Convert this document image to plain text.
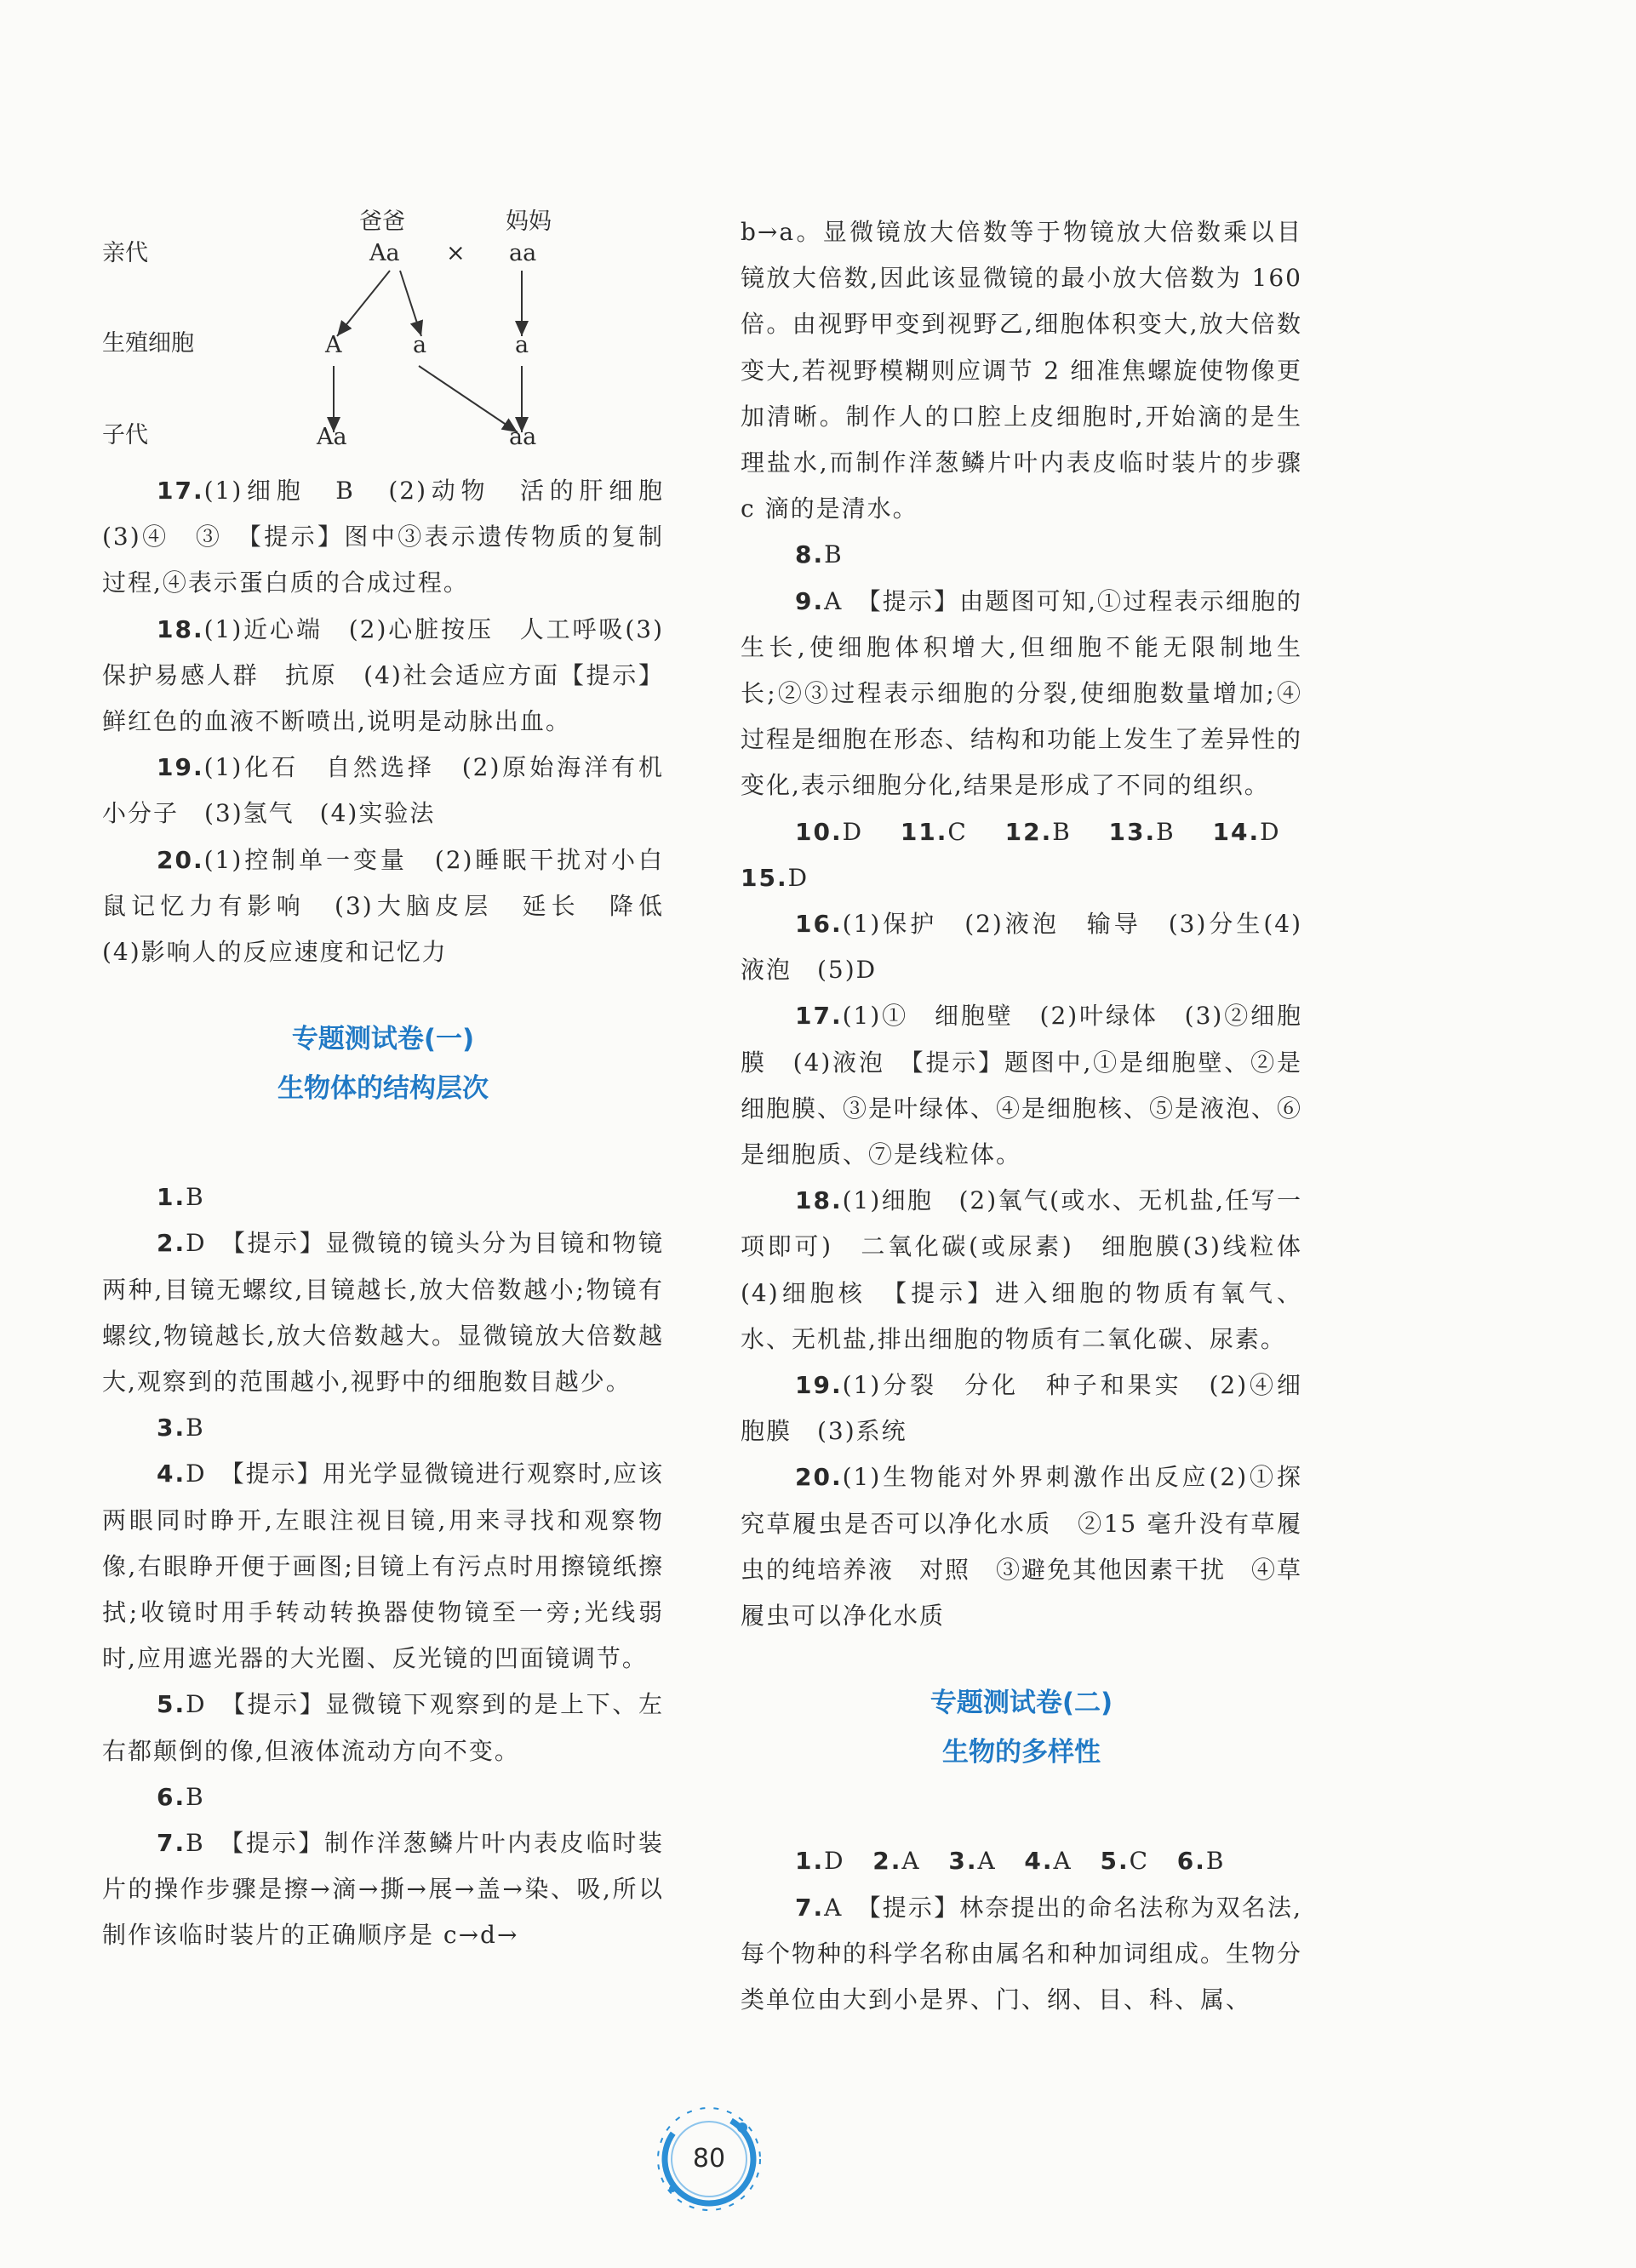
亲代
生殖细胞
子代
爸爸	妈妈
Aa × aa
A	a	a
Aa	aa

17.(1)细胞　B　(2)动物　活的肝细胞(3)④　③　【提示】图中③表示遗传物质的复制过程,④表示蛋白质的合成过程。

18.(1)近心端　(2)心脏按压　人工呼吸(3)保护易感人群　抗原　(4)社会适应方面【提示】鲜红色的血液不断喷出,说明是动脉出血。

19.(1)化石　自然选择　(2)原始海洋有机小分子　(3)氢气　(4)实验法

20.(1)控制单一变量　(2)睡眠干扰对小白鼠记忆力有影响　(3)大脑皮层　延长　降低　(4)影响人的反应速度和记忆力

专题测试卷(一)

生物体的结构层次

1.B

2.D　【提示】显微镜的镜头分为目镜和物镜两种,目镜无螺纹,目镜越长,放大倍数越小;物镜有螺纹,物镜越长,放大倍数越大。显微镜放大倍数越大,观察到的范围越小,视野中的细胞数目越少。

3.B

4.D　【提示】用光学显微镜进行观察时,应该两眼同时睁开,左眼注视目镜,用来寻找和观察物像,右眼睁开便于画图;目镜上有污点时用擦镜纸擦拭;收镜时用手转动转换器使物镜至一旁;光线弱时,应用遮光器的大光圈、反光镜的凹面镜调节。

5.D　【提示】显微镜下观察到的是上下、左右都颠倒的像,但液体流动方向不变。

6.B

7.B　【提示】制作洋葱鳞片叶内表皮临时装片的操作步骤是擦→滴→撕→展→盖→染、吸,所以制作该临时装片的正确顺序是 c→d→

b→a。显微镜放大倍数等于物镜放大倍数乘以目镜放大倍数,因此该显微镜的最小放大倍数为 160 倍。由视野甲变到视野乙,细胞体积变大,放大倍数变大,若视野模糊则应调节 2 细准焦螺旋使物像更加清晰。制作人的口腔上皮细胞时,开始滴的是生理盐水,而制作洋葱鳞片叶内表皮临时装片的步骤 c 滴的是清水。

8.B

9.A　【提示】由题图可知,①过程表示细胞的生长,使细胞体积增大,但细胞不能无限制地生长;②③过程表示细胞的分裂,使细胞数量增加;④过程是细胞在形态、结构和功能上发生了差异性的变化,表示细胞分化,结果是形成了不同的组织。

10.D 11.C 12.B 13.B 14.D   15.D

16.(1)保护　(2)液泡　输导　(3)分生(4)液泡　(5)D

17.(1)①　细胞壁　(2)叶绿体　(3)②细胞膜　(4)液泡　【提示】题图中,①是细胞壁、②是细胞膜、③是叶绿体、④是细胞核、⑤是液泡、⑥是细胞质、⑦是线粒体。

18.(1)细胞　(2)氧气(或水、无机盐,任写一项即可)　二氧化碳(或尿素)　细胞膜(3)线粒体　(4)细胞核　【提示】进入细胞的物质有氧气、水、无机盐,排出细胞的物质有二氧化碳、尿素。

19.(1)分裂　分化　种子和果实　(2)④细胞膜　(3)系统

20.(1)生物能对外界刺激作出反应(2)①探究草履虫是否可以净化水质　②15 毫升没有草履虫的纯培养液　对照　③避免其他因素干扰　④草履虫可以净化水质

专题测试卷(二)

生物的多样性

1.D 2.A 3.A 4.A 5.C 6.B

7.A　【提示】林奈提出的命名法称为双名法,每个物种的科学名称由属名和种加词组成。生物分类单位由大到小是界、门、纲、目、科、属、

80
